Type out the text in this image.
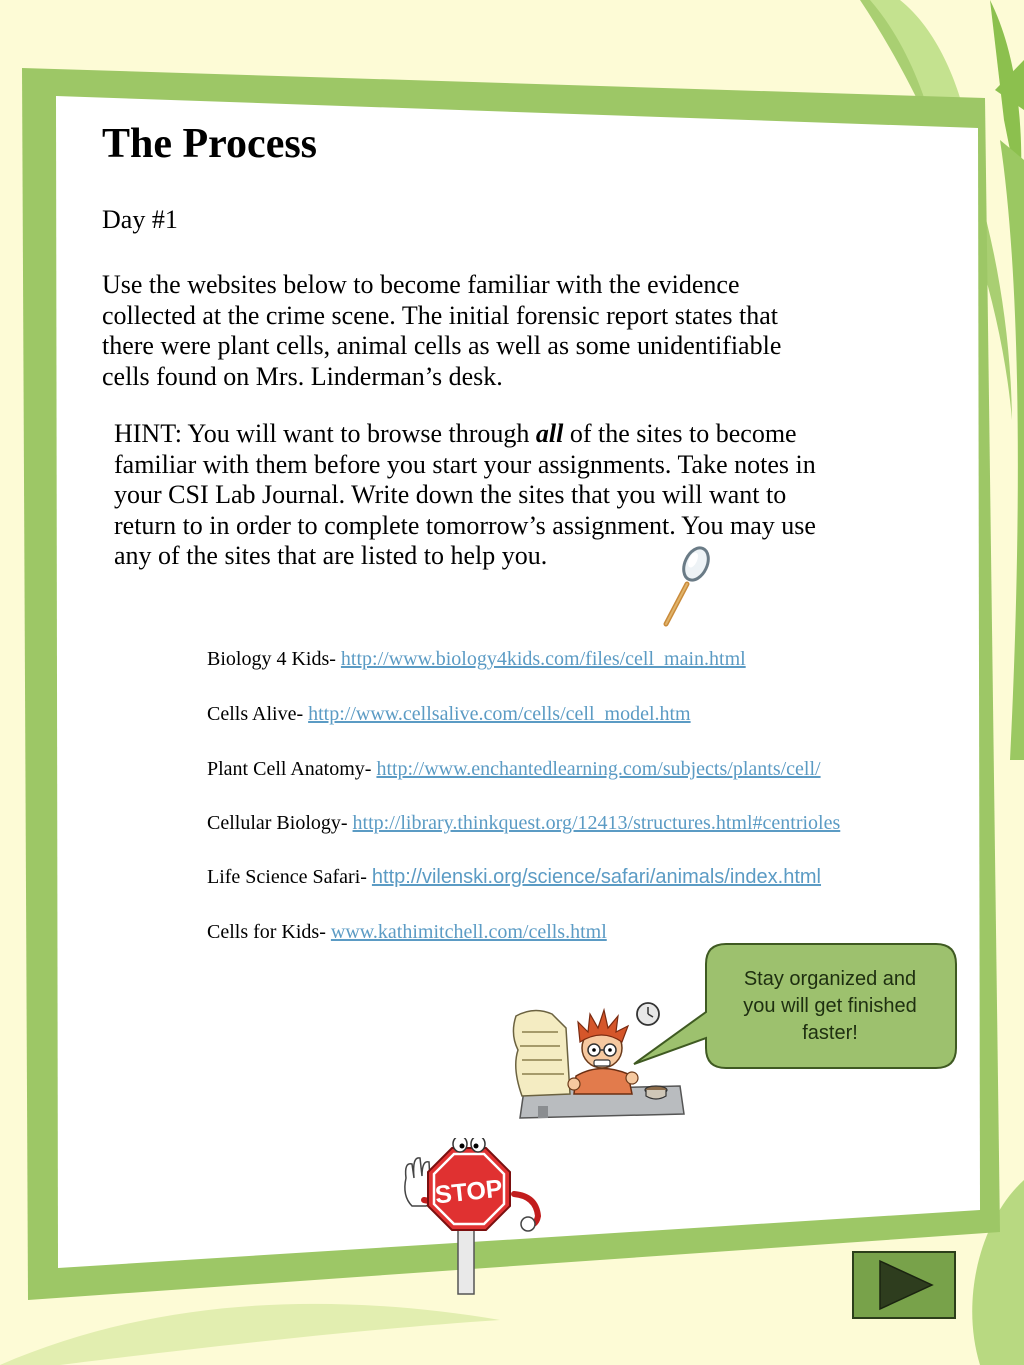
The Process
Day #1
Use the websites below to become familiar with the evidence
collected at the crime scene. The initial forensic report states that
there were plant cells, animal cells as well as some unidentifiable
cells found on Mrs. Linderman’s desk.
HINT: You will want to browse through all of the sites to become
familiar with them before you start your assignments. Take notes in
your CSI Lab Journal. Write down the sites that you will want to
return to in order to complete tomorrow’s assignment. You may use
any of the sites that are listed to help you.
Biology 4 Kids- http://www.biology4kids.com/files/cell_main.html
Cells Alive- http://www.cellsalive.com/cells/cell_model.htm
Plant Cell Anatomy- http://www.enchantedlearning.com/subjects/plants/cell/
Cellular Biology- http://library.thinkquest.org/12413/structures.html#centrioles
Life Science Safari- http://vilenski.org/science/safari/animals/index.html
Cells for Kids- www.kathimitchell.com/cells.html
Stay organized and
you will get finished
faster!
STOP
